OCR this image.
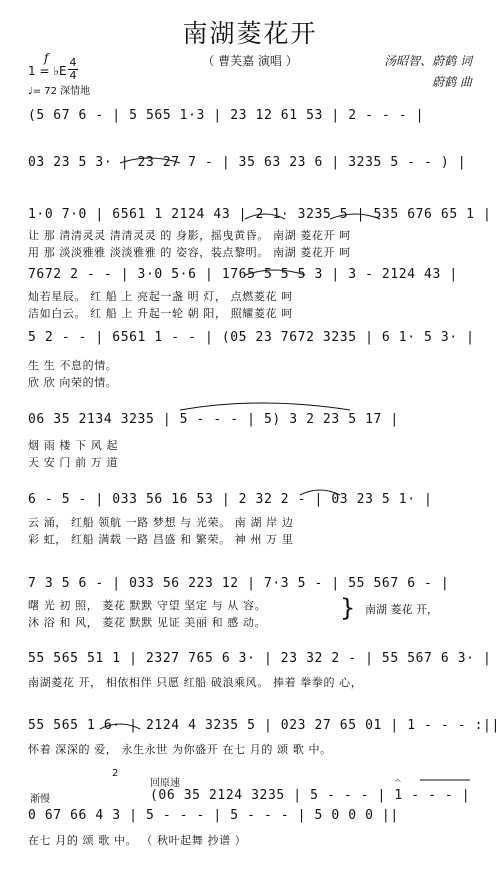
南湖菱花开
（ 曹芙嘉 演唱 ）	汤昭智、蔚鹤 词
蔚鹤 曲
f
1 = ♭E
4
4
♩= 72 深情地
(5 67 6 - | 5 565 1·3 | 23 12 61 53 | 2 - - - |
03 23 5 3· | 23 27 7 - | 35 63 23 6 | 3235 5 - - ) |
1·0 7·0 | 6561 1 2124 43 | 2 1· 3235 5 | 535 676 65 1 |
让 那 清清灵灵 清清灵灵 的 身影，摇曳黄昏。 南湖 菱花开 呵
用 那 淡淡雅雅 淡淡雅雅 的 姿容，装点黎明。 南湖 菱花开 呵
7672 2 - - | 3·0 5·6 | 1765 5 5 5 3 | 3 - 2124 43 |
灿若星辰。 红 船 上 亮起一盏 明 灯， 点燃菱花 呵
洁如白云。 红 船 上 升起一轮 朝 阳， 照耀菱花 呵
5 2 - - | 6561 1 - - | (05 23 7672 3235 | 6 1· 5 3· |
生 生 不息的情。
欣 欣 向荣的情。
06 35 2134 3235 | 5 - - - | 5) 3 2 23 5 17 |
烟 雨 楼 下 风 起
天 安 门 前 万 道
6 - 5 - | 033 56 16 53 | 2 32 2 - | 03 23 5 1· |
云 涌， 红船 领航 一路 梦想 与 光荣。 南 湖 岸 边
彩 虹， 红船 满载 一路 昌盛 和 繁荣。 神 州 万 里
7 3 5 6 - | 033 56 223 12 | 7·3 5 - | 55 567 6 - |
曙 光 初 照， 菱花 默默 守望 坚定 与 从 容。
沐 浴 和 风， 菱花 默默 见证 美丽 和 感 动。
} 南湖 菱花 开，
55 565 51 1 | 2327 765 6 3· | 23 32 2 - | 55 567 6 3· |
南湖菱花 开， 相依相伴 只愿 红船 破浪乘风。 捧着 拳拳的 心，
55 565 1 6· | 2124 4 3235 5 | 023 27 65 01 | 1 - - - :||
怀着 深深的 爱， 永生永世 为你盛开 在七 月的 颂 歌 中。
2
回原速
渐慢
𝄐
(06 35 2124 3235 | 5 - - - | 1 - - - |
0 67 66 4 3 | 5 - - - | 5 - - - | 5 0 0 0 ||
在七 月的 颂 歌 中。 （ 秋叶起舞 抄谱 ）
